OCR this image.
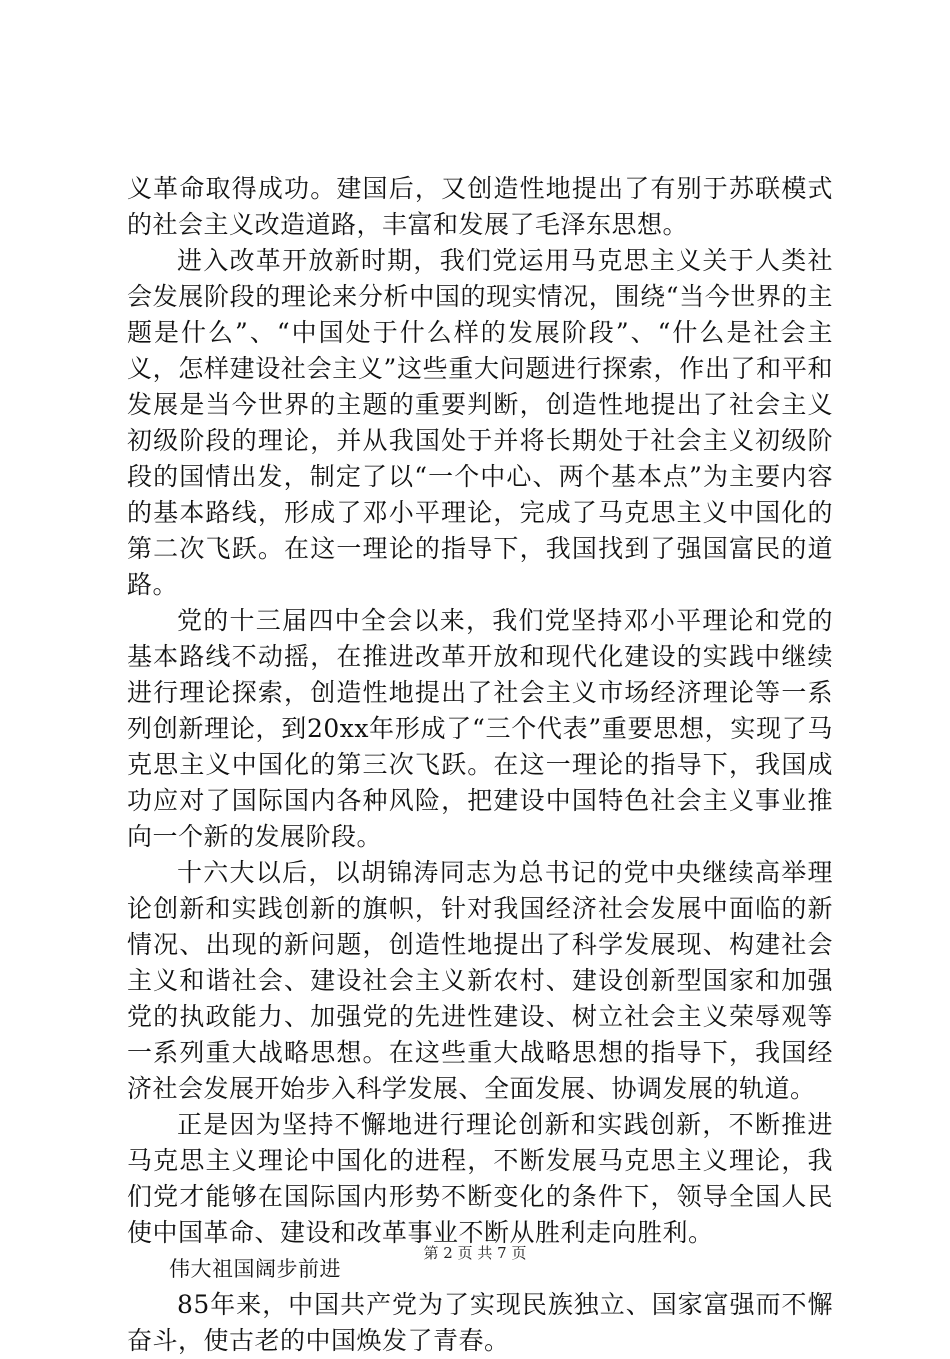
义革命取得成功。建国后，又创造性地提出了有别于苏联模式的社会主义改造道路，丰富和发展了毛泽东思想。

进入改革开放新时期，我们党运用马克思主义关于人类社会发展阶段的理论来分析中国的现实情况，围绕“当今世界的主题是什么”、“中国处于什么样的发展阶段”、“什么是社会主义，怎样建设社会主义”这些重大问题进行探索，作出了和平和发展是当今世界的主题的重要判断，创造性地提出了社会主义初级阶段的理论，并从我国处于并将长期处于社会主义初级阶段的国情出发，制定了以“一个中心、两个基本点”为主要内容的基本路线，形成了邓小平理论，完成了马克思主义中国化的第二次飞跃。在这一理论的指导下，我国找到了强国富民的道路。

党的十三届四中全会以来，我们党坚持邓小平理论和党的基本路线不动摇，在推进改革开放和现代化建设的实践中继续进行理论探索，创造性地提出了社会主义市场经济理论等一系列创新理论，到20xx年形成了“三个代表”重要思想，实现了马克思主义中国化的第三次飞跃。在这一理论的指导下，我国成功应对了国际国内各种风险，把建设中国特色社会主义事业推向一个新的发展阶段。

十六大以后，以胡锦涛同志为总书记的党中央继续高举理论创新和实践创新的旗帜，针对我国经济社会发展中面临的新情况、出现的新问题，创造性地提出了科学发展现、构建社会主义和谐社会、建设社会主义新农村、建设创新型国家和加强党的执政能力、加强党的先进性建设、树立社会主义荣辱观等一系列重大战略思想。在这些重大战略思想的指导下，我国经济社会发展开始步入科学发展、全面发展、协调发展的轨道。

正是因为坚持不懈地进行理论创新和实践创新，不断推进马克思主义理论中国化的进程，不断发展马克思主义理论，我们党才能够在国际国内形势不断变化的条件下，领导全国人民使中国革命、建设和改革事业不断从胜利走向胜利。

伟大祖国阔步前进

85年来，中国共产党为了实现民族独立、国家富强而不懈奋斗，使古老的中国焕发了青春。

第 2 页 共 7 页
